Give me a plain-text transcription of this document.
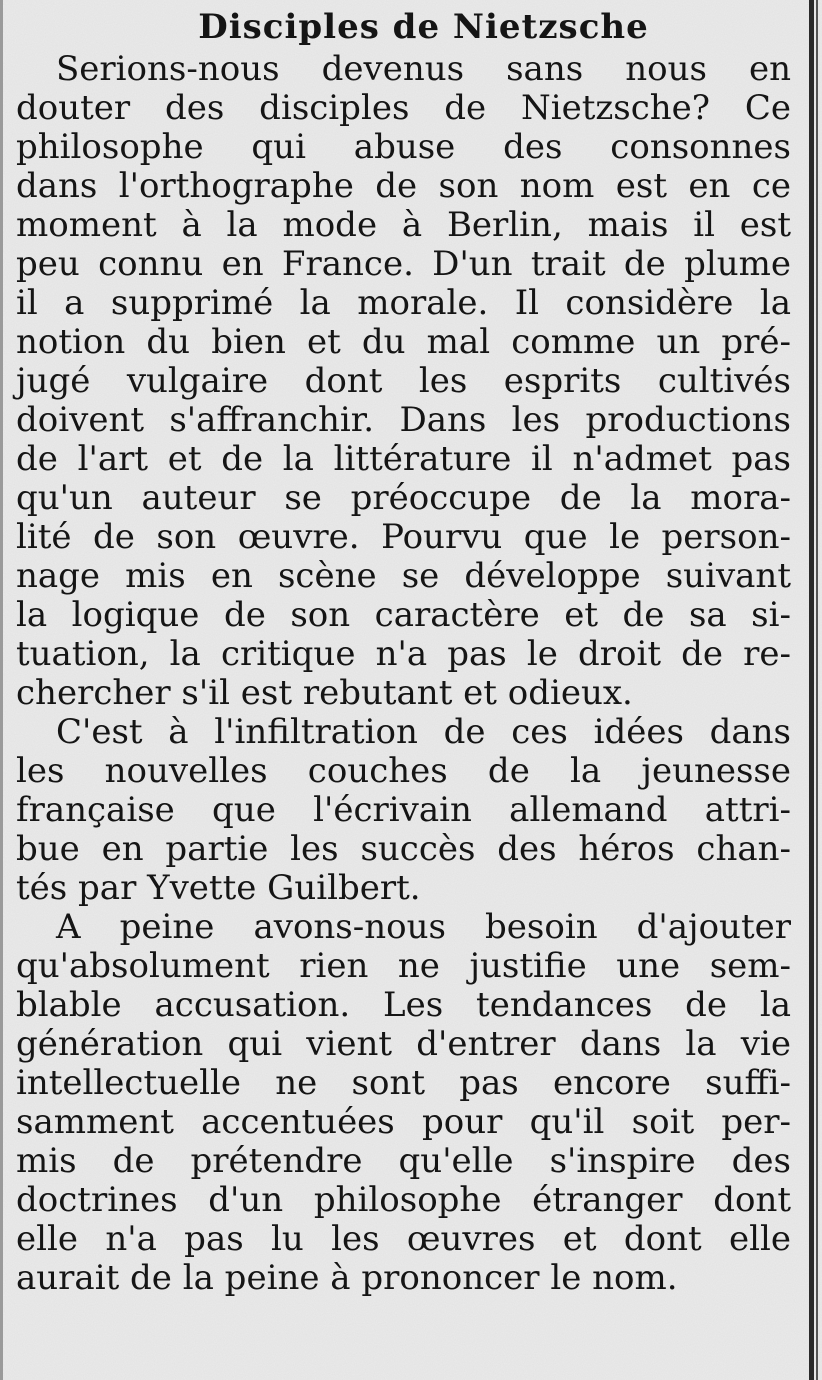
Disciples de Nietzsche
Serions-nous devenus sans nous en
douter des disciples de Nietzsche? Ce
philosophe qui abuse des consonnes
dans l'orthographe de son nom est en ce
moment à la mode à Berlin, mais il est
peu connu en France. D'un trait de plume
il a supprimé la morale. Il considère la
notion du bien et du mal comme un pré-
jugé vulgaire dont les esprits cultivés
doivent s'affranchir. Dans les productions
de l'art et de la littérature il n'admet pas
qu'un auteur se préoccupe de la mora-
lité de son œuvre. Pourvu que le person-
nage mis en scène se développe suivant
la logique de son caractère et de sa si-
tuation, la critique n'a pas le droit de re-
chercher s'il est rebutant et odieux.
C'est à l'infiltration de ces idées dans
les nouvelles couches de la jeunesse
française que l'écrivain allemand attri-
bue en partie les succès des héros chan-
tés par Yvette Guilbert.
A peine avons-nous besoin d'ajouter
qu'absolument rien ne justifie une sem-
blable accusation. Les tendances de la
génération qui vient d'entrer dans la vie
intellectuelle ne sont pas encore suffi-
samment accentuées pour qu'il soit per-
mis de prétendre qu'elle s'inspire des
doctrines d'un philosophe étranger dont
elle n'a pas lu les œuvres et dont elle
aurait de la peine à prononcer le nom.
